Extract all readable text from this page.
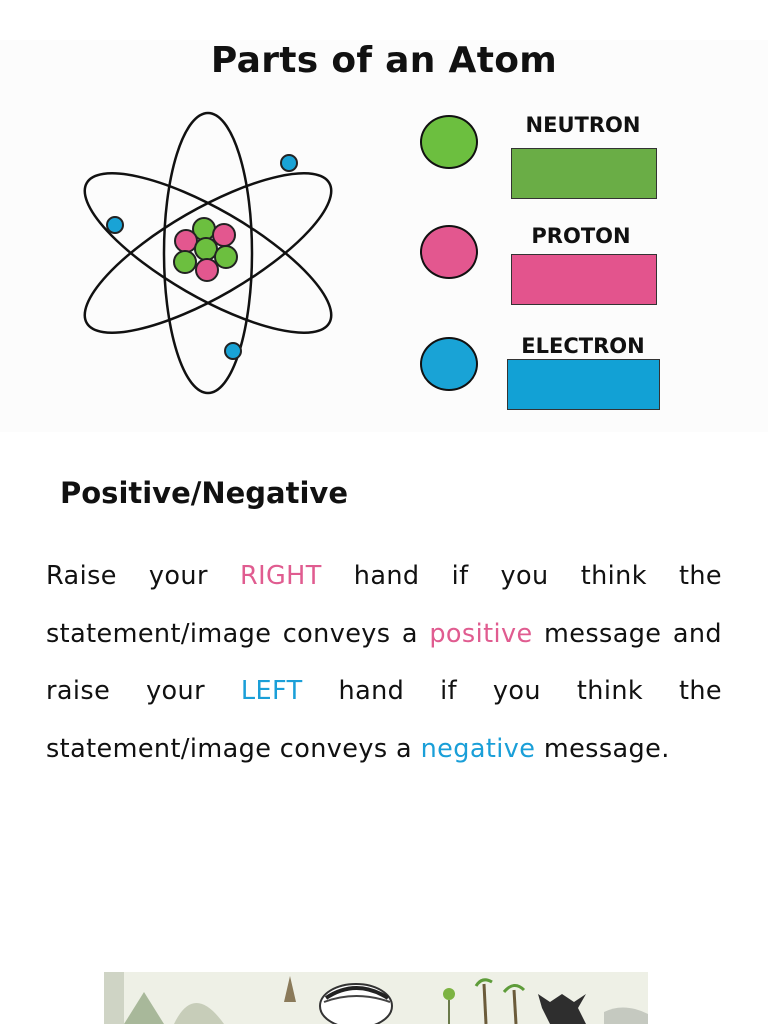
Parts of an Atom
NEUTRON
PROTON
ELECTRON
Positive/Negative
Raise your RIGHT hand if you think the statement/image conveys a positive message and raise your LEFT hand if you think the statement/image conveys a negative message.
